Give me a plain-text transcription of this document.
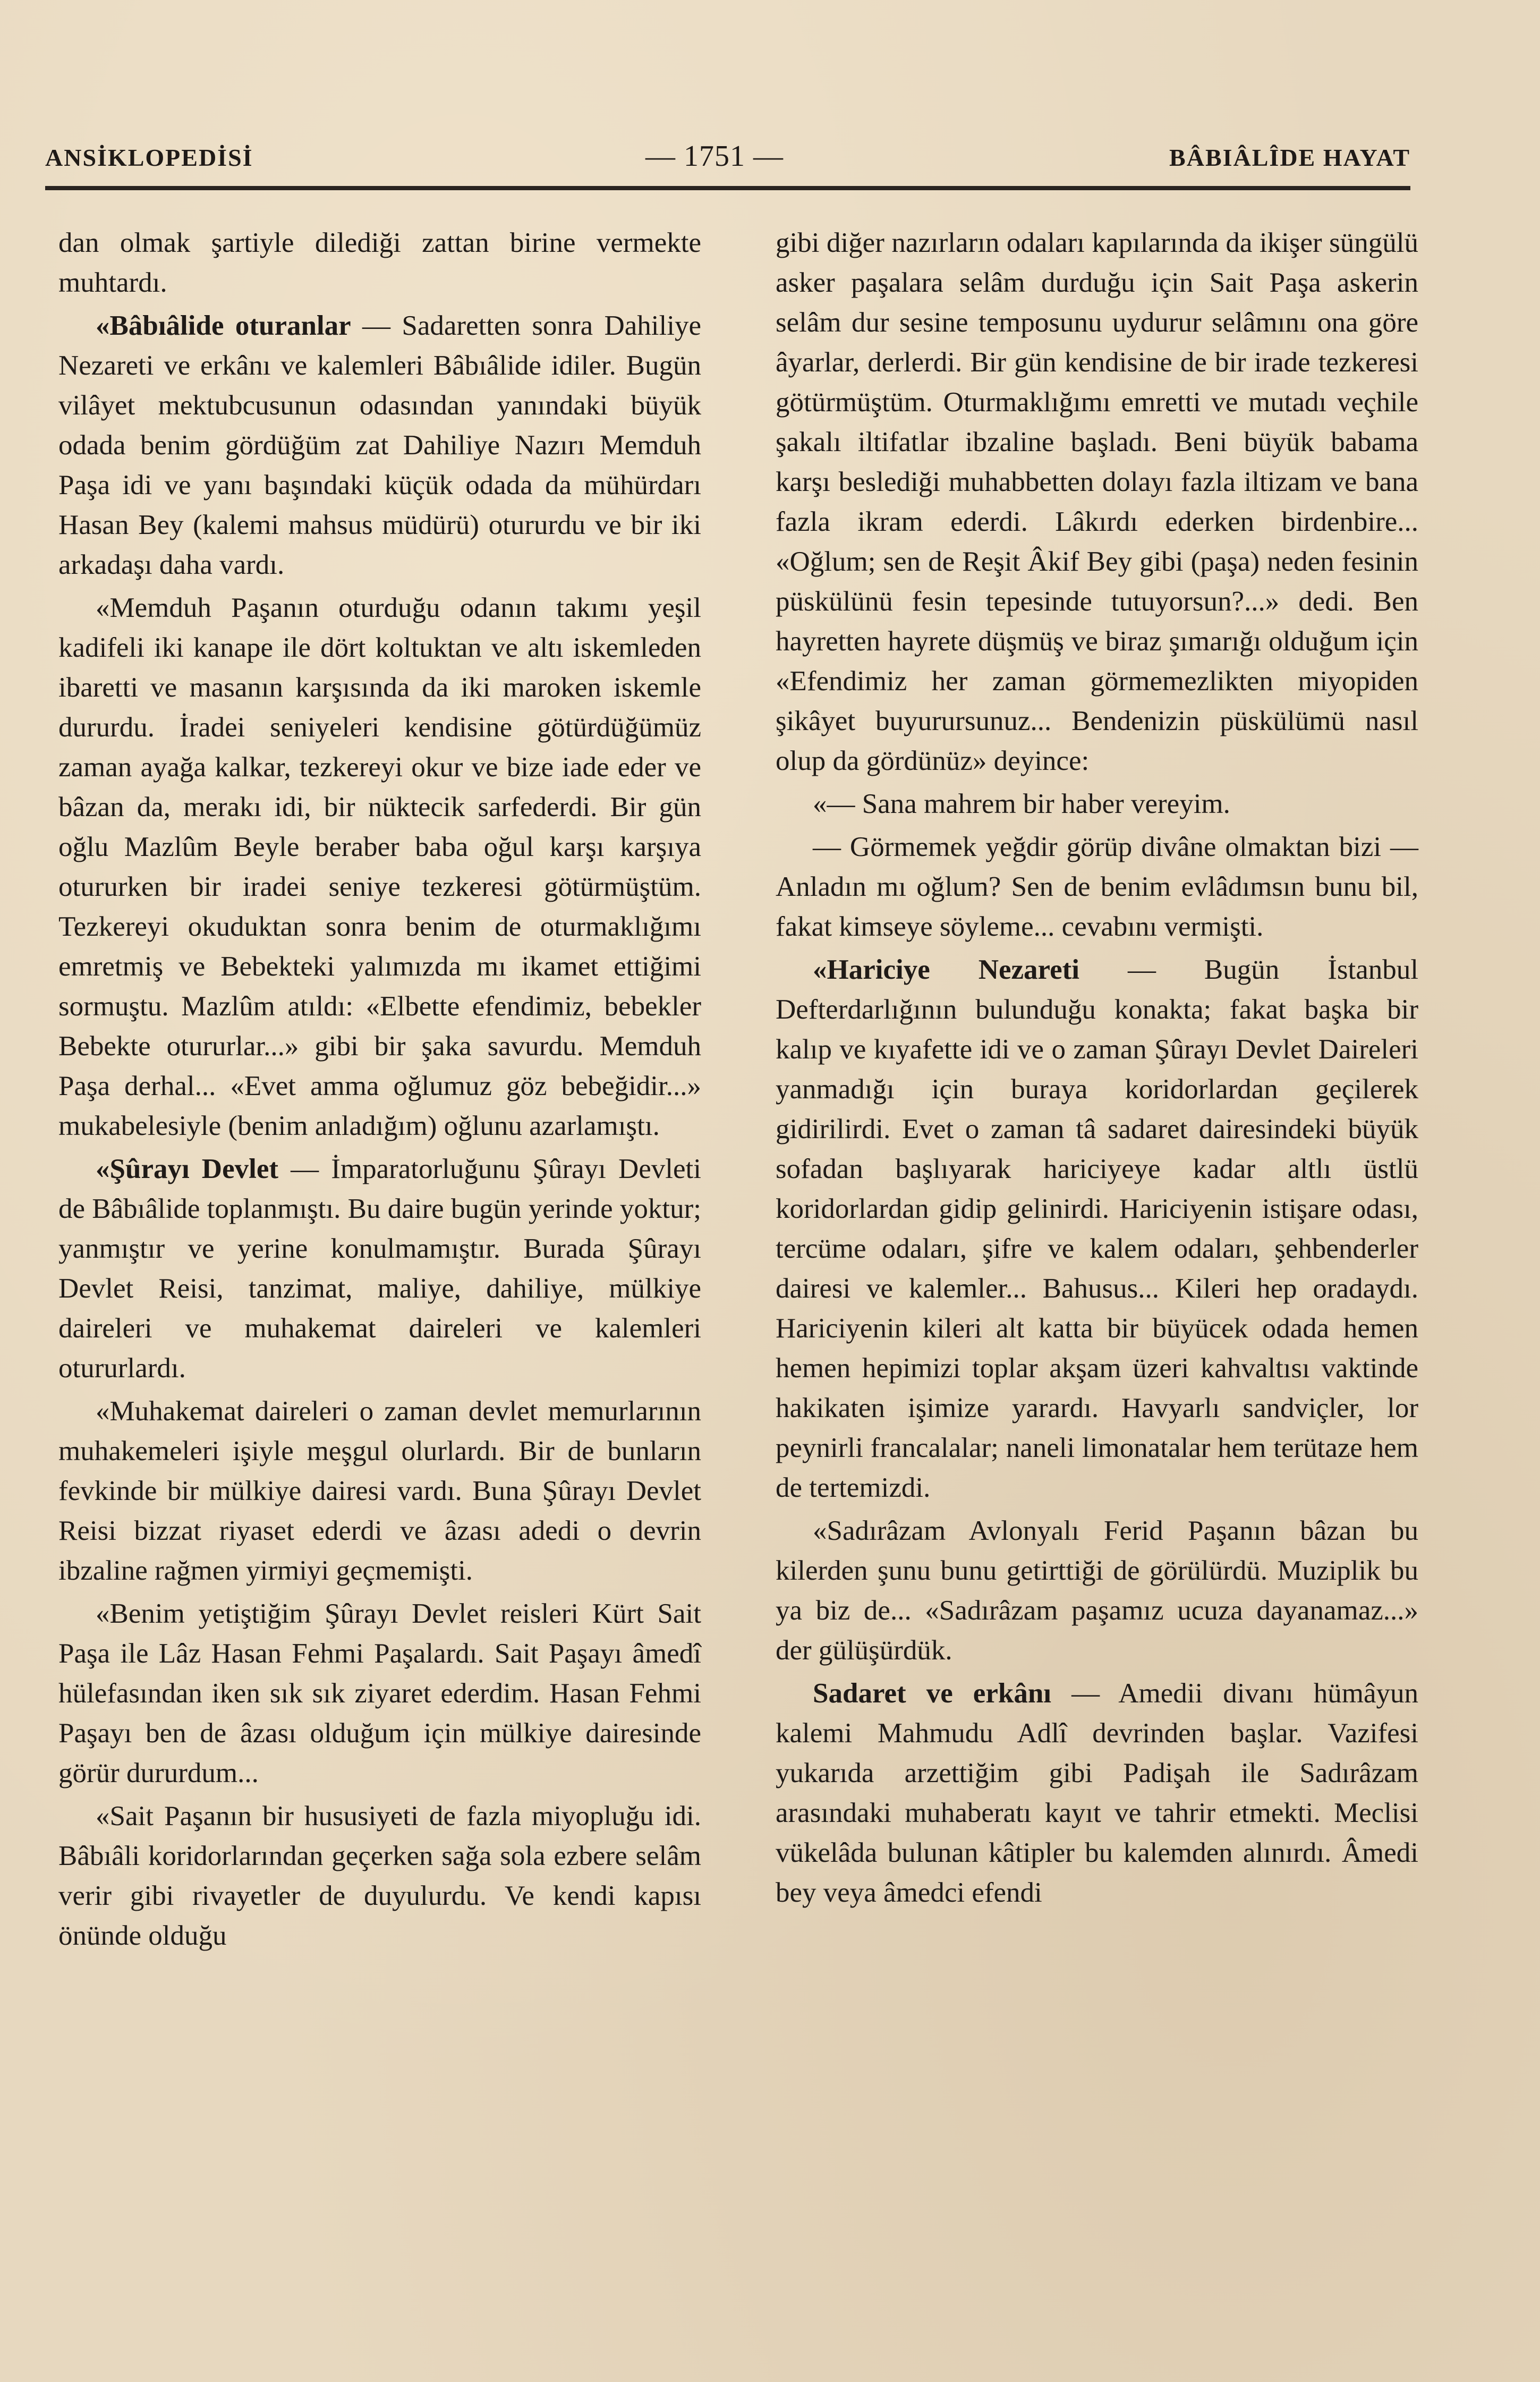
ANSİKLOPEDİSİ	— 1751 —	BÂBIÂLÎDE HAYAT

dan olmak şartiyle dilediği zattan birine vermekte muhtardı.

«Bâbıâlide oturanlar — Sadaretten sonra Dahiliye Nezareti ve erkânı ve kalemleri Bâbıâlide idiler. Bugün vilâyet mektubcusunun odasından yanındaki büyük odada benim gördüğüm zat Dahiliye Nazırı Memduh Paşa idi ve yanı başındaki küçük odada da mühürdarı Hasan Bey (kalemi mahsus müdürü) otururdu ve bir iki arkadaşı daha vardı.

«Memduh Paşanın oturduğu odanın takımı yeşil kadifeli iki kanape ile dört koltuktan ve altı iskemleden ibaretti ve masanın karşısında da iki maroken iskemle dururdu. İradei seniyeleri kendisine götürdüğümüz zaman ayağa kalkar, tezkereyi okur ve bize iade eder ve bâzan da, merakı idi, bir nüktecik sarfederdi. Bir gün oğlu Mazlûm Beyle beraber baba oğul karşı karşıya otururken bir iradei seniye tezkeresi götürmüştüm. Tezkereyi okuduktan sonra benim de oturmaklığımı emretmiş ve Bebekteki yalımızda mı ikamet ettiğimi sormuştu. Mazlûm atıldı: «Elbette efendimiz, bebekler Bebekte otururlar...» gibi bir şaka savurdu. Memduh Paşa derhal... «Evet amma oğlumuz göz bebeğidir...» mukabelesiyle (benim anladığım) oğlunu azarlamıştı.

«Şûrayı Devlet — İmparatorluğunu Şûrayı Devleti de Bâbıâlide toplanmıştı. Bu daire bugün yerinde yoktur; yanmıştır ve yerine konulmamıştır. Burada Şûrayı Devlet Reisi, tanzimat, maliye, dahiliye, mülkiye daireleri ve muhakemat daireleri ve kalemleri otururlardı.

«Muhakemat daireleri o zaman devlet memurlarının muhakemeleri işiyle meşgul olurlardı. Bir de bunların fevkinde bir mülkiye dairesi vardı. Buna Şûrayı Devlet Reisi bizzat riyaset ederdi ve âzası adedi o devrin ibzaline rağmen yirmiyi geçmemişti.

«Benim yetiştiğim Şûrayı Devlet reisleri Kürt Sait Paşa ile Lâz Hasan Fehmi Paşalardı. Sait Paşayı âmedî hülefasından iken sık sık ziyaret ederdim. Hasan Fehmi Paşayı ben de âzası olduğum için mülkiye dairesinde görür dururdum...

«Sait Paşanın bir hususiyeti de fazla miyopluğu idi. Bâbıâli koridorlarından geçerken sağa sola ezbere selâm verir gibi rivayetler de duyulurdu. Ve kendi kapısı önünde olduğu

gibi diğer nazırların odaları kapılarında da ikişer süngülü asker paşalara selâm durduğu için Sait Paşa askerin selâm dur sesine temposunu uydurur selâmını ona göre âyarlar, derlerdi. Bir gün kendisine de bir irade tezkeresi götürmüştüm. Oturmaklığımı emretti ve mutadı veçhile şakalı iltifatlar ibzaline başladı. Beni büyük babama karşı beslediği muhabbetten dolayı fazla iltizam ve bana fazla ikram ederdi. Lâkırdı ederken birdenbire... «Oğlum; sen de Reşit Âkif Bey gibi (paşa) neden fesinin püskülünü fesin tepesinde tutuyorsun?...» dedi. Ben hayretten hayrete düşmüş ve biraz şımarığı olduğum için «Efendimiz her zaman görmemezlikten miyopiden şikâyet buyurursunuz... Bendenizin püskülümü nasıl olup da gördünüz» deyince:

«— Sana mahrem bir haber vereyim.

— Görmemek yeğdir görüp divâne olmaktan bizi — Anladın mı oğlum? Sen de benim evlâdımsın bunu bil, fakat kimseye söyleme... cevabını vermişti.

«Hariciye Nezareti — Bugün İstanbul Defterdarlığının bulunduğu konakta; fakat başka bir kalıp ve kıyafette idi ve o zaman Şûrayı Devlet Daireleri yanmadığı için buraya koridorlardan geçilerek gidirilirdi. Evet o zaman tâ sadaret dairesindeki büyük sofadan başlıyarak hariciyeye kadar altlı üstlü koridorlardan gidip gelinirdi. Hariciyenin istişare odası, tercüme odaları, şifre ve kalem odaları, şehbenderler dairesi ve kalemler... Bahusus... Kileri hep oradaydı. Hariciyenin kileri alt katta bir büyücek odada hemen hemen hepimizi toplar akşam üzeri kahvaltısı vaktinde hakikaten işimize yarardı. Havyarlı sandviçler, lor peynirli francalalar; naneli limonatalar hem terütaze hem de tertemizdi.

«Sadırâzam Avlonyalı Ferid Paşanın bâzan bu kilerden şunu bunu getirttiği de görülürdü. Muziplik bu ya biz de... «Sadırâzam paşamız ucuza dayanamaz...» der gülüşürdük.

Sadaret ve erkânı — Amedii divanı hümâyun kalemi Mahmudu Adlî devrinden başlar. Vazifesi yukarıda arzettiğim gibi Padişah ile Sadırâzam arasındaki muhaberatı kayıt ve tahrir etmekti. Meclisi vükelâda bulunan kâtipler bu kalemden alınırdı. Âmedi bey veya âmedci efendi
